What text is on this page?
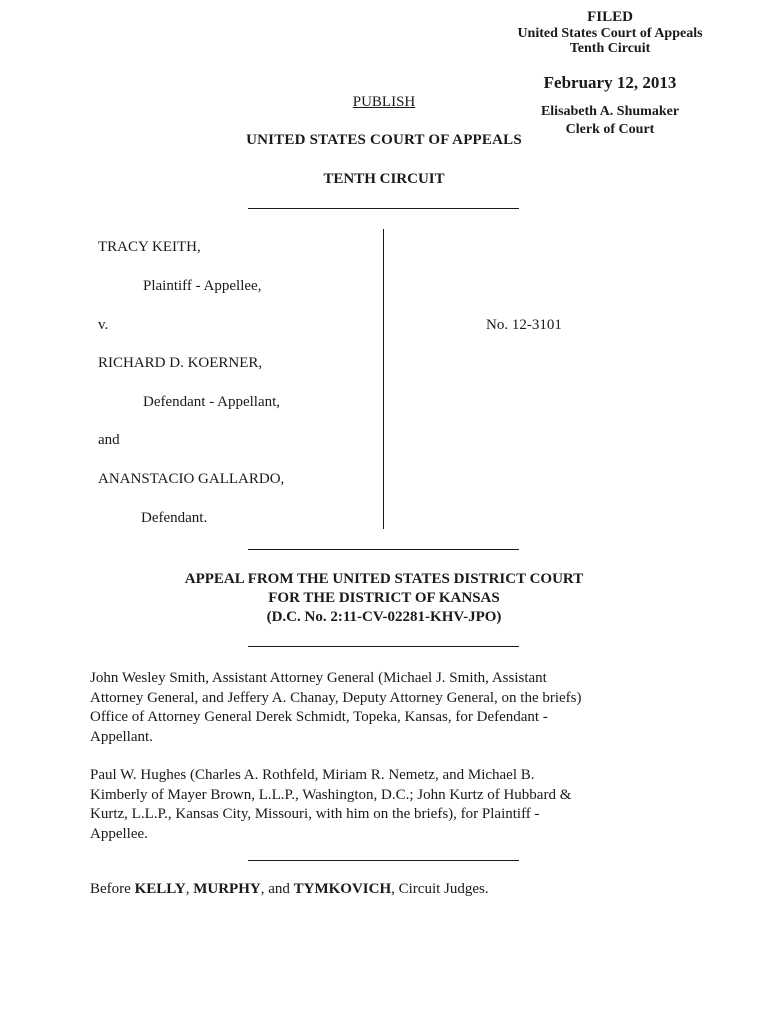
FILED
United States Court of Appeals
Tenth Circuit
February 12, 2013
Elisabeth A. Shumaker
Clerk of Court
PUBLISH
UNITED STATES COURT OF APPEALS
TENTH CIRCUIT
TRACY KEITH,
Plaintiff - Appellee,
v.
RICHARD D. KOERNER,
Defendant - Appellant,
and
ANANSTACIO GALLARDO,
Defendant.
No. 12-3101
APPEAL FROM THE UNITED STATES DISTRICT COURT
FOR THE DISTRICT OF KANSAS
(D.C. No. 2:11-CV-02281-KHV-JPO)
John Wesley Smith, Assistant Attorney General (Michael J. Smith, Assistant
Attorney General, and Jeffery A. Chanay, Deputy Attorney General, on the briefs)
Office of Attorney General Derek Schmidt, Topeka, Kansas, for Defendant -
Appellant.
Paul W. Hughes (Charles A. Rothfeld, Miriam R. Nemetz, and Michael B.
Kimberly of Mayer Brown, L.L.P., Washington, D.C.; John Kurtz of Hubbard &
Kurtz, L.L.P., Kansas City, Missouri, with him on the briefs), for Plaintiff -
Appellee.
Before KELLY, MURPHY, and TYMKOVICH, Circuit Judges.
